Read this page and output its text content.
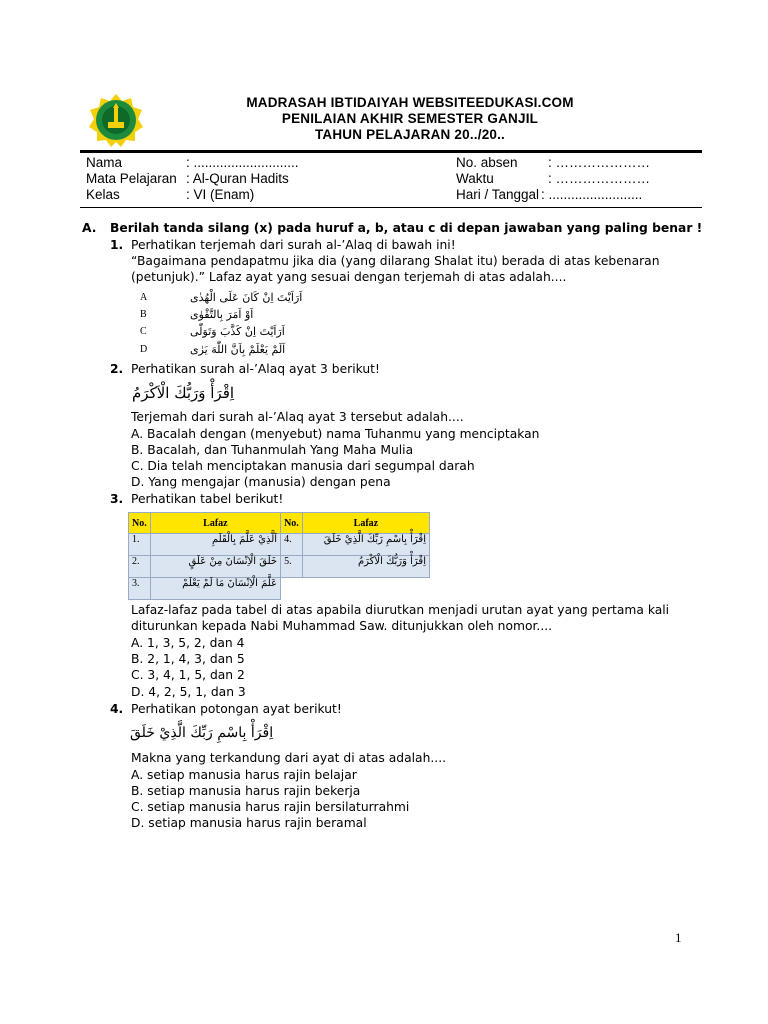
MADRASAH IBTIDAIYAH WEBSITEEDUKASI.COM
PENILAIAN AKHIR SEMESTER GANJIL
TAHUN PELAJARAN 20../20..
Nama	: ............................
Mata Pelajaran : Al-Quran Hadits
Kelas	: VI (Enam)
No. absen : …………………
Waktu	: …………………
Hari / Tanggal : .........................
A. Berilah tanda silang (x) pada huruf a, b, atau c di depan jawaban yang paling benar !
1. Perhatikan terjemah dari surah al-’Alaq di bawah ini!
“Bagaimana pendapatmu jika dia (yang dilarang Shalat itu) berada di atas kebenaran
(petunjuk).” Lafaz ayat yang sesuai dengan terjemah di atas adalah....
A	اَرَاَيْتَ اِنْ كَانَ عَلَى الْهُدٰى
B	اَوْ اَمَرَ بِالتَّقْوٰى
C	اَرَاَيْتَ اِنْ كَذَّبَ وَتَوَلّٰى
D	اَلَمْ يَعْلَمْ بِاَنَّ اللّٰهَ يَرٰى
2. Perhatikan surah al-’Alaq ayat 3 berikut!
اِقْرَأْ وَرَبُّكَ الْاَكْرَمُ
Terjemah dari surah al-’Alaq ayat 3 tersebut adalah....
A. Bacalah dengan (menyebut) nama Tuhanmu yang menciptakan
B. Bacalah, dan Tuhanmulah Yang Maha Mulia
C. Dia telah menciptakan manusia dari segumpal darah
D. Yang mengajar (manusia) dengan pena
3. Perhatikan tabel berikut!
No.	Lafaz	No.	Lafaz
1.	اَلَّذِيْ عَلَّمَ بِالْقَلَمِ	4.	اِقْرَأْ بِاسْمِ رَبِّكَ الَّذِيْ خَلَقَ
2.	خَلَقَ الْاِنْسَانَ مِنْ عَلَقٍ	5.	اِقْرَأْ وَرَبُّكَ الْاَكْرَمُ
3.	عَلَّمَ الْاِنْسَانَ مَا لَمْ يَعْلَمْ		
Lafaz-lafaz pada tabel di atas apabila diurutkan menjadi urutan ayat yang pertama kali
diturunkan kepada Nabi Muhammad Saw. ditunjukkan oleh nomor....
A. 1, 3, 5, 2, dan 4
B. 2, 1, 4, 3, dan 5
C. 3, 4, 1, 5, dan 2
D. 4, 2, 5, 1, dan 3
4. Perhatikan potongan ayat berikut!
اِقْرَأْ بِاسْمِ رَبِّكَ الَّذِيْ خَلَقَ
Makna yang terkandung dari ayat di atas adalah....
A. setiap manusia harus rajin belajar
B. setiap manusia harus rajin bekerja
C. setiap manusia harus rajin bersilaturrahmi
D. setiap manusia harus rajin beramal
1
